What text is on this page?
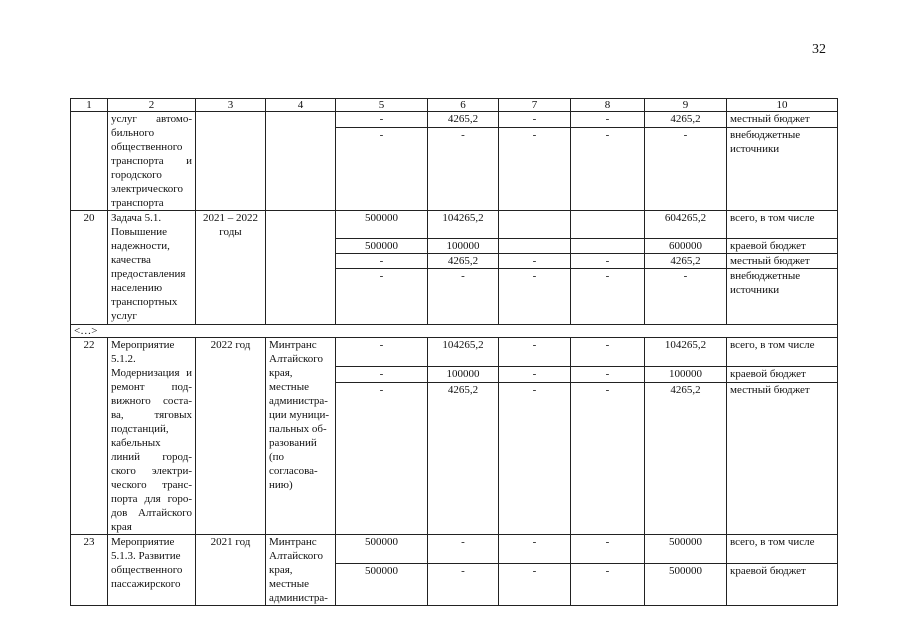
32
1	2	3	4	5	6	7	8	9	10
	услуг автомо-бильного общественного транспорта и городского электрического транспорта			-	4265,2	-	-	4265,2	местный бюджет
				-	-	-	-	-	внебюджетные источники
20	Задача 5.1. Повышение надежности, качества предоставления населению транспортных услуг	2021 – 2022 годы		500000	104265,2			604265,2	всего, в том числе
				500000	100000			600000	краевой бюджет
				-	4265,2	-	-	4265,2	местный бюджет
				-	-	-	-	-	внебюджетные источники
<…>									
22	Мероприятие 5.1.2. Модернизация и ремонт под-вижного соста-ва, тяговых подстанций, кабельных линий город-ского электри-ческого транс-порта для горо-дов Алтайского края	2022 год	Минтранс Алтайского края, местные администра-ции муници-пальных об-разований (по согласова-нию)	-	104265,2	-	-	104265,2	всего, в том числе
				-	100000	-	-	100000	краевой бюджет
				-	4265,2	-	-	4265,2	местный бюджет
23	Мероприятие 5.1.3. Развитие общественного пассажирского	2021 год	Минтранс Алтайского края, местные администра-	500000	-	-	-	500000	всего, в том числе
				500000	-	-	-	500000	краевой бюджет
